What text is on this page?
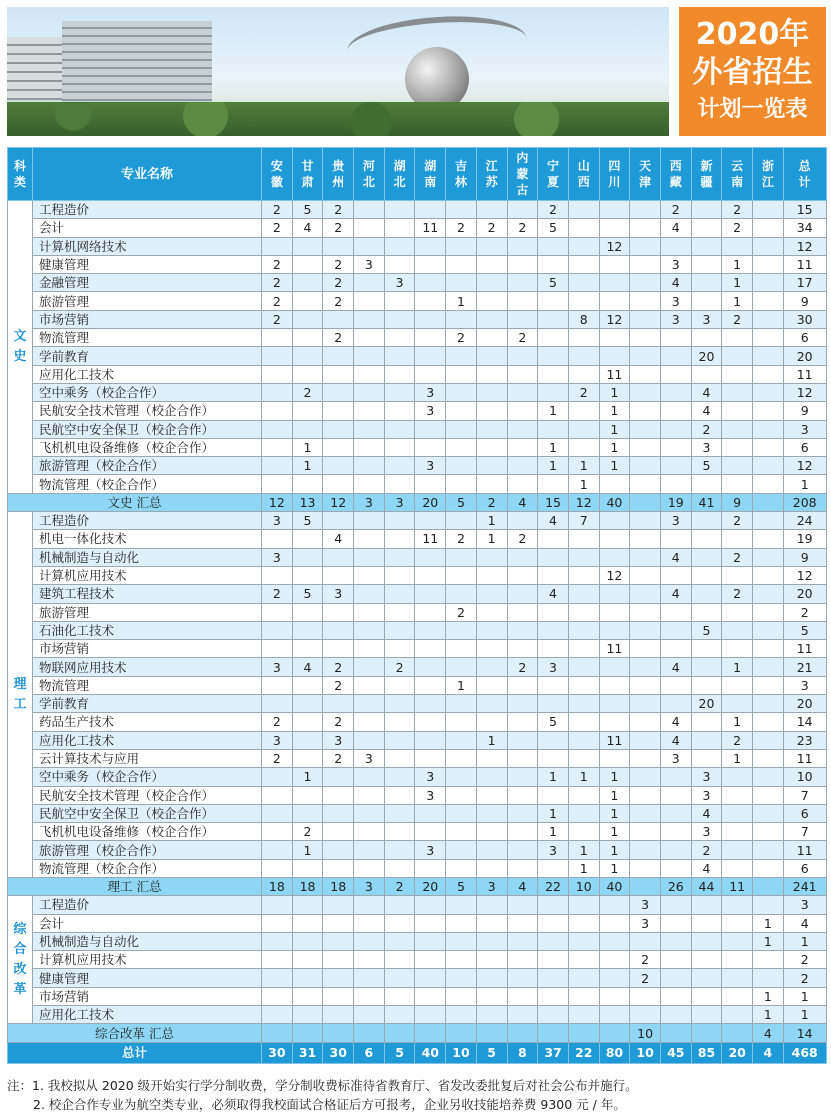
2020年
外省招生
计划一览表
科类	专业名称	安徽	甘肃	贵州	河北	湖北	湖南	吉林	江苏	内蒙古	宁夏	山西	四川	天津	西藏	新疆	云南	浙江	总计
文史	工程造价	2	5	2							2				2		2		15
	会计	2	4	2			11	2	2	2	5				4		2		34
	计算机网络技术												12						12
	健康管理	2		2	3										3		1		11
	金融管理	2		2		3					5				4		1		17
	旅游管理	2		2				1							3		1		9
	市场营销	2										8	12		3	3	2		30
	物流管理			2				2		2									6
	学前教育															20			20
	应用化工技术												11						11
	空中乘务（校企合作）		2				3					2	1			4			12
	民航安全技术管理（校企合作）						3				1		1			4			9
	民航空中安全保卫（校企合作）												1			2			3
	飞机机电设备维修（校企合作）		1								1		1			3			6
	旅游管理（校企合作）		1				3				1	1	1			5			12
	物流管理（校企合作）											1							1
文史 汇总		12	13	12	3	3	20	5	2	4	15	12	40		19	41	9		208
理工	工程造价	3	5						1		4	7			3		2		24
	机电一体化技术			4			11	2	1	2									19
	机械制造与自动化	3													4		2		9
	计算机应用技术												12						12
	建筑工程技术	2	5	3							4				4		2		20
	旅游管理							2											2
	石油化工技术															5			5
	市场营销												11						11
	物联网应用技术	3	4	2		2				2	3				4		1		21
	物流管理			2				1											3
	学前教育															20			20
	药品生产技术	2		2							5				4		1		14
	应用化工技术	3		3					1				11		4		2		23
	云计算技术与应用	2		2	3										3		1		11
	空中乘务（校企合作）		1				3				1	1	1			3			10
	民航安全技术管理（校企合作）						3						1			3			7
	民航空中安全保卫（校企合作）										1		1			4			6
	飞机机电设备维修（校企合作）		2								1		1			3			7
	旅游管理（校企合作）		1				3				3	1	1			2			11
	物流管理（校企合作）											1	1			4			6
理工 汇总		18	18	18	3	2	20	5	3	4	22	10	40		26	44	11		241
综合改革	工程造价													3					3
	会计													3				1	4
	机械制造与自动化																	1	1
	计算机应用技术													2					2
	健康管理													2					2
	市场营销																	1	1
	应用化工技术																	1	1
综合改革 汇总														10				4	14
总计		30	31	30	6	5	40	10	5	8	37	22	80	10	45	85	20	4	468
注：1. 我校拟从 2020 级开始实行学分制收费，学分制收费标准待省教育厅、省发改委批复后对社会公布并施行。
2. 校企合作专业为航空类专业，必须取得我校面试合格证后方可报考，企业另收技能培养费 9300 元 / 年。
